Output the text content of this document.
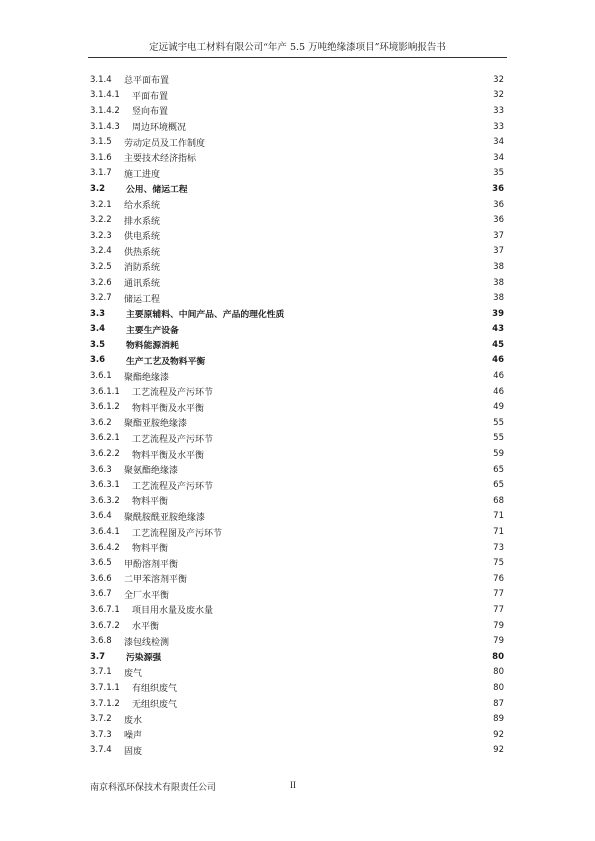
定远诚宇电工材料有限公司“年产 5.5 万吨绝缘漆项目”环境影响报告书
3.1.4	总平面布置	32
3.1.4.1	平面布置	32
3.1.4.2	竖向布置	33
3.1.4.3	周边环境概况	33
3.1.5	劳动定员及工作制度	34
3.1.6	主要技术经济指标	34
3.1.7	施工进度	35
3.2	公用、储运工程	36
3.2.1	给水系统	36
3.2.2	排水系统	36
3.2.3	供电系统	37
3.2.4	供热系统	37
3.2.5	消防系统	38
3.2.6	通讯系统	38
3.2.7	储运工程	38
3.3	主要原辅料、中间产品、产品的理化性质	39
3.4	主要生产设备	43
3.5	物料能源消耗	45
3.6	生产工艺及物料平衡	46
3.6.1	聚酯绝缘漆	46
3.6.1.1	工艺流程及产污环节	46
3.6.1.2	物料平衡及水平衡	49
3.6.2	聚酯亚胺绝缘漆	55
3.6.2.1	工艺流程及产污环节	55
3.6.2.2	物料平衡及水平衡	59
3.6.3	聚氨酯绝缘漆	65
3.6.3.1	工艺流程及产污环节	65
3.6.3.2	物料平衡	68
3.6.4	聚酰胺酰亚胺绝缘漆	71
3.6.4.1	工艺流程图及产污环节	71
3.6.4.2	物料平衡	73
3.6.5	甲酚溶剂平衡	75
3.6.6	二甲苯溶剂平衡	76
3.6.7	全厂水平衡	77
3.6.7.1	项目用水量及废水量	77
3.6.7.2	水平衡	79
3.6.8	漆包线检测	79
3.7	污染源强	80
3.7.1	废气	80
3.7.1.1	有组织废气	80
3.7.1.2	无组织废气	87
3.7.2	废水	89
3.7.3	噪声	92
3.7.4	固废	92
南京科泓环保技术有限责任公司	II
